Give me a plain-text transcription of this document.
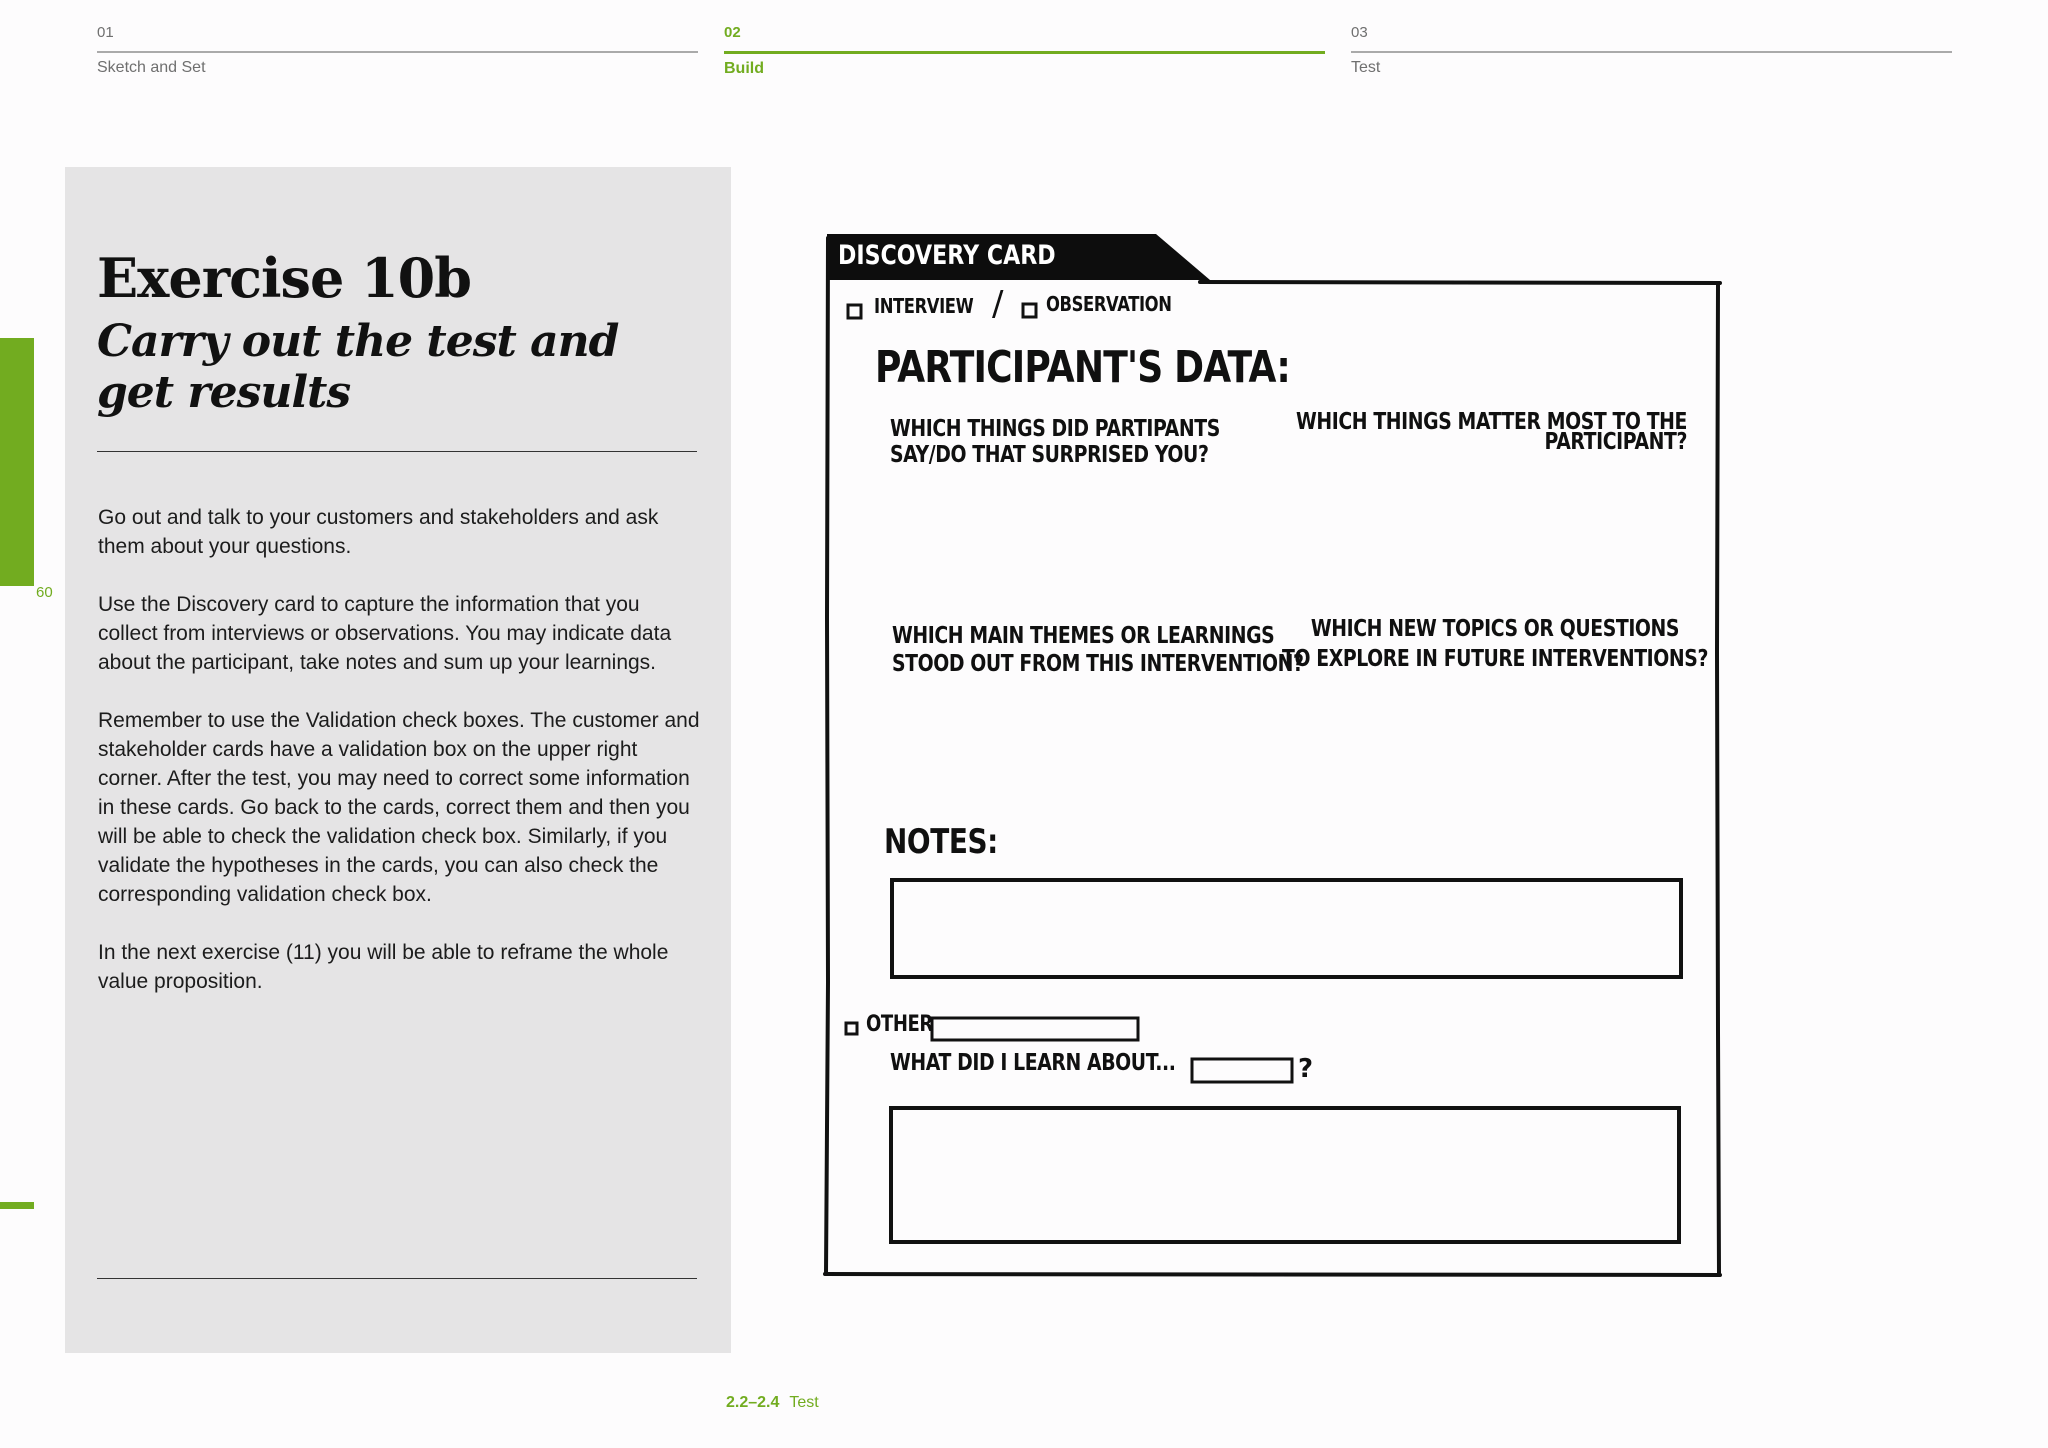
01
Sketch and Set
02
Build
03
Test
60
Exercise 10b
Carry out the test and get results

Go out and talk to your customers and stakeholders and ask them about your questions.

Use the Discovery card to capture the information that you collect from interviews or observations. You may indicate data about the participant, take notes and sum up your learnings.

Remember to use the Validation check boxes. The customer and stakeholder cards have a validation box on the upper right corner. After the test, you may need to correct some information in these cards. Go back to the cards, correct them and then you will be able to check the validation check box. Similarly, if you validate the hypotheses in the cards, you can also check the corresponding validation check box.

In the next exercise (11) you will be able to reframe the whole value proposition.

DISCOVERY CARD
INTERVIEW / OBSERVATION
PARTICIPANT'S DATA:
WHICH THINGS DID PARTIPANTS
SAY/DO THAT SURPRISED YOU?
WHICH THINGS MATTER MOST TO THE
PARTICIPANT?
WHICH MAIN THEMES OR LEARNINGS
STOOD OUT FROM THIS INTERVENTION?
WHICH NEW TOPICS OR QUESTIONS
TO EXPLORE IN FUTURE INTERVENTIONS?
NOTES:
OTHER
WHAT DID I LEARN ABOUT...	?
2.2–2.4 Test
